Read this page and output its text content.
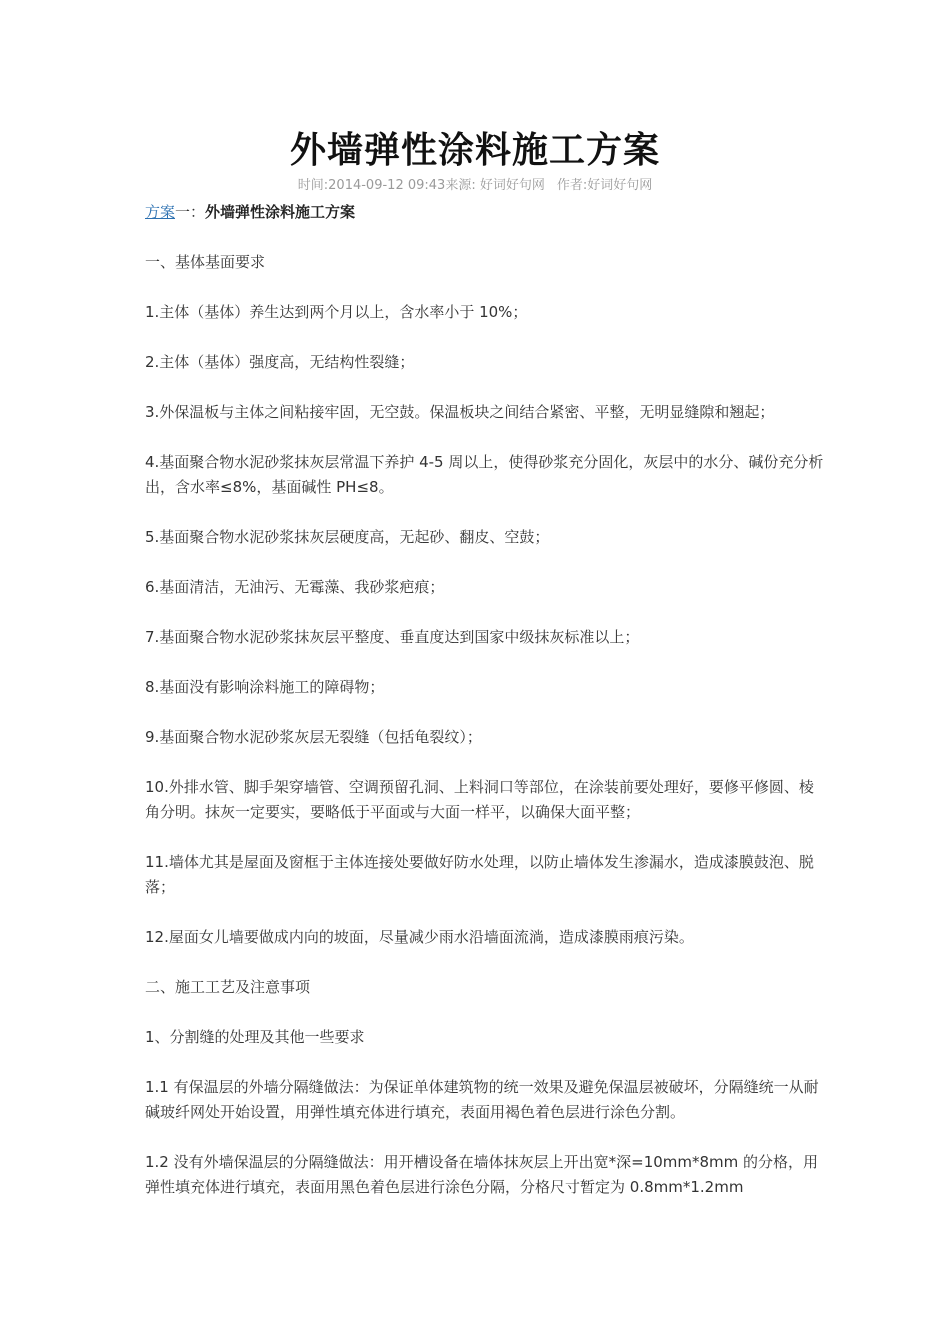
外墙弹性涂料施工方案
时间:2014-09-12 09:43来源: 好词好句网 作者:好词好句网

方案一：外墙弹性涂料施工方案

一、基体基面要求

1.主体（基体）养生达到两个月以上，含水率小于 10%；

2.主体（基体）强度高，无结构性裂缝；

3.外保温板与主体之间粘接牢固，无空鼓。保温板块之间结合紧密、平整，无明显缝隙和翘起；

4.基面聚合物水泥砂浆抹灰层常温下养护 4-5 周以上，使得砂浆充分固化，灰层中的水分、碱份充分析出，含水率≤8%，基面碱性 PH≤8。

5.基面聚合物水泥砂浆抹灰层硬度高，无起砂、翻皮、空鼓；

6.基面清洁，无油污、无霉藻、我砂浆疤痕；

7.基面聚合物水泥砂浆抹灰层平整度、垂直度达到国家中级抹灰标准以上；

8.基面没有影响涂料施工的障碍物；

9.基面聚合物水泥砂浆灰层无裂缝（包括龟裂纹）；

10.外排水管、脚手架穿墙管、空调预留孔洞、上料洞口等部位，在涂装前要处理好，要修平修圆、棱角分明。抹灰一定要实，要略低于平面或与大面一样平，以确保大面平整；

11.墙体尤其是屋面及窗框于主体连接处要做好防水处理，以防止墙体发生渗漏水，造成漆膜鼓泡、脱落；

12.屋面女儿墙要做成内向的坡面，尽量减少雨水沿墙面流淌，造成漆膜雨痕污染。

二、施工工艺及注意事项

1、分割缝的处理及其他一些要求

1.1 有保温层的外墙分隔缝做法：为保证单体建筑物的统一效果及避免保温层被破坏，分隔缝统一从耐碱玻纤网处开始设置，用弹性填充体进行填充，表面用褐色着色层进行涂色分割。

1.2 没有外墙保温层的分隔缝做法：用开槽设备在墙体抹灰层上开出宽*深=10mm*8mm 的分格，用弹性填充体进行填充，表面用黑色着色层进行涂色分隔，分格尺寸暂定为 0.8mm*1.2mm
